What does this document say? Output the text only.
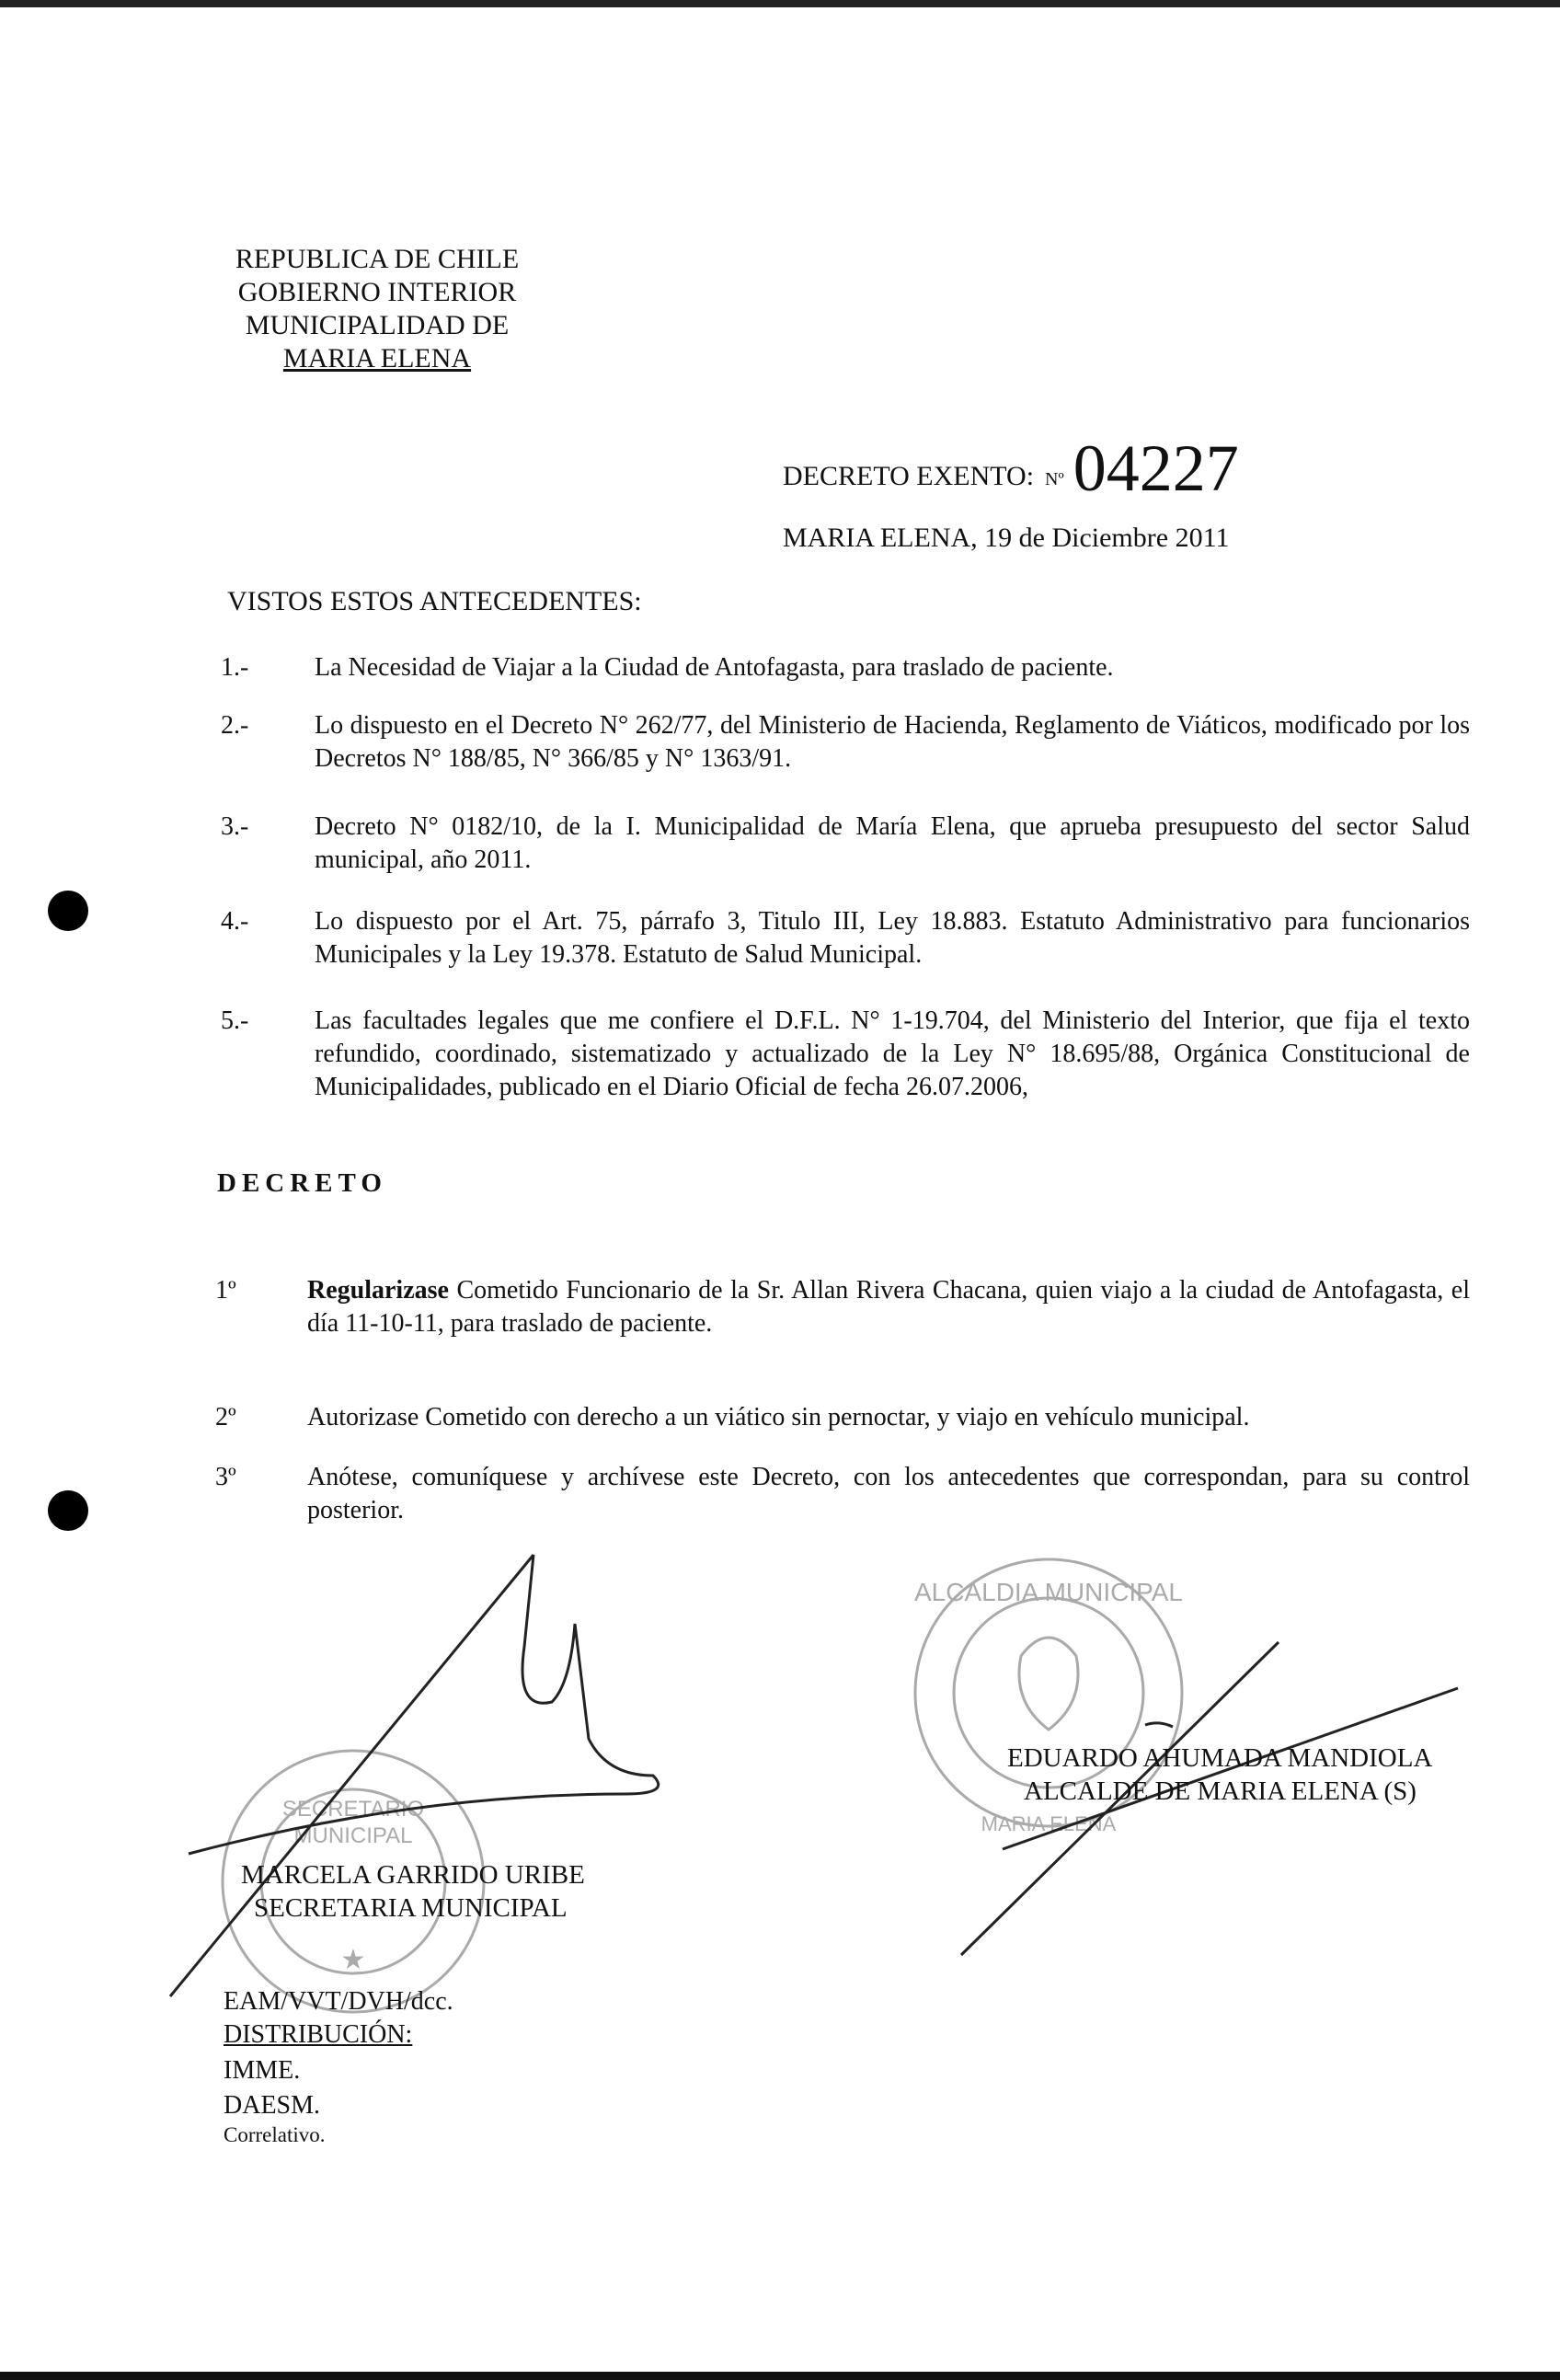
REPUBLICA DE CHILE
GOBIERNO INTERIOR
MUNICIPALIDAD DE
MARIA ELENA
DECRETO EXENTO: Nº 04227
MARIA ELENA, 19 de Diciembre 2011
VISTOS ESTOS ANTECEDENTES:
1.-	La Necesidad de Viajar a la Ciudad de Antofagasta, para traslado de paciente.
2.-	Lo dispuesto en el Decreto N° 262/77, del Ministerio de Hacienda, Reglamento de Viáticos, modificado por los Decretos N° 188/85, N° 366/85 y N° 1363/91.
3.-	Decreto N° 0182/10, de la I. Municipalidad de María Elena, que aprueba presupuesto del sector Salud municipal, año 2011.
4.-	Lo dispuesto por el Art. 75, párrafo 3, Titulo III, Ley 18.883. Estatuto Administrativo para funcionarios Municipales y la Ley 19.378. Estatuto de Salud Municipal.
5.-	Las facultades legales que me confiere el D.F.L. N° 1-19.704, del Ministerio del Interior, que fija el texto refundido, coordinado, sistematizado y actualizado de la Ley N° 18.695/88, Orgánica Constitucional de Municipalidades, publicado en el Diario Oficial de fecha 26.07.2006,
DECRETO
1º	Regularizase Cometido Funcionario de la Sr. Allan Rivera Chacana, quien viajo a la ciudad de Antofagasta, el día 11-10-11, para traslado de paciente.
2º	Autorizase Cometido con derecho a un viático sin pernoctar, y viajo en vehículo municipal.
3º	Anótese, comuníquese y archívese este Decreto, con los antecedentes que correspondan, para su control posterior.
SECRETARIO
MUNICIPAL
★
ALCALDIA MUNICIPAL
MARIA ELENA
MARCELA GARRIDO URIBE
SECRETARIA MUNICIPAL
EDUARDO AHUMADA MANDIOLA
ALCALDE DE MARIA ELENA (S)
EAM/VVT/DVH/dcc.
DISTRIBUCIÓN:
IMME.
DAESM.
Correlativo.
